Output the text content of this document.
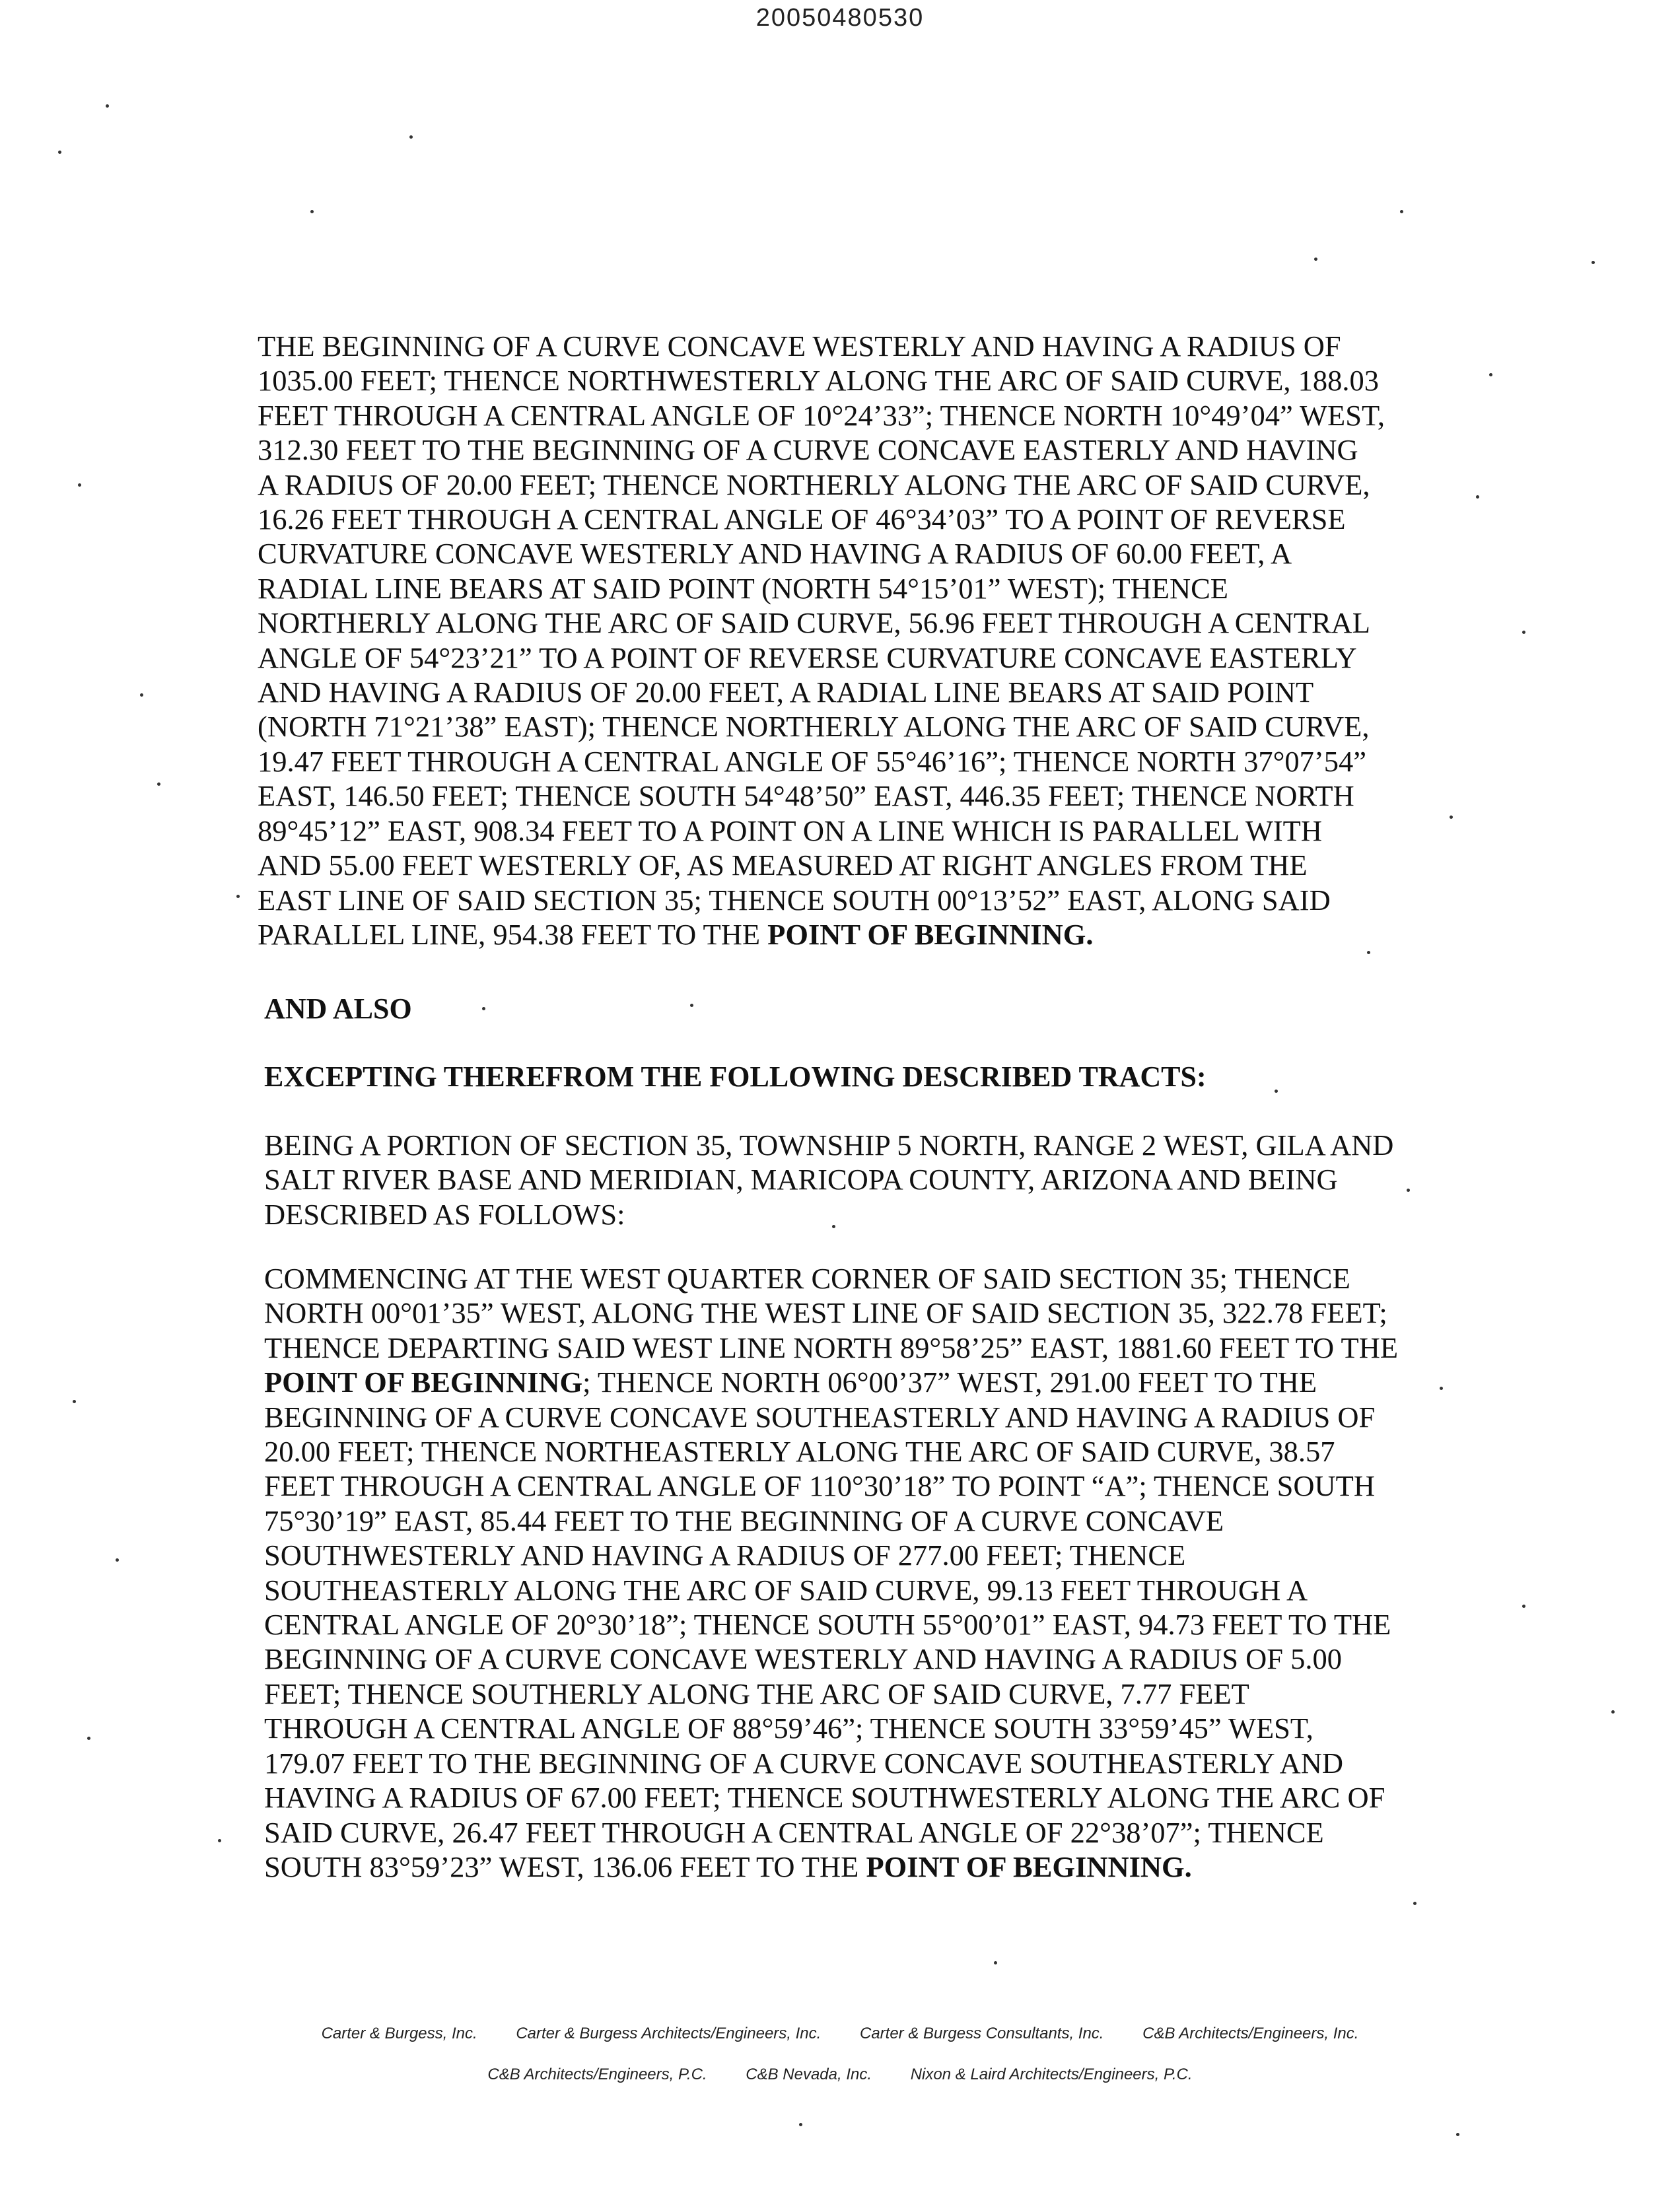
20050480530
THE BEGINNING OF A CURVE CONCAVE WESTERLY AND HAVING A RADIUS OF
1035.00 FEET; THENCE NORTHWESTERLY ALONG THE ARC OF SAID CURVE, 188.03
FEET THROUGH A CENTRAL ANGLE OF 10°24’33”; THENCE NORTH 10°49’04” WEST,
312.30 FEET TO THE BEGINNING OF A CURVE CONCAVE EASTERLY AND HAVING
A RADIUS OF 20.00 FEET; THENCE NORTHERLY ALONG THE ARC OF SAID CURVE,
16.26 FEET THROUGH A CENTRAL ANGLE OF 46°34’03” TO A POINT OF REVERSE
CURVATURE CONCAVE WESTERLY AND HAVING A RADIUS OF 60.00 FEET, A
RADIAL LINE BEARS AT SAID POINT (NORTH 54°15’01” WEST); THENCE
NORTHERLY ALONG THE ARC OF SAID CURVE, 56.96 FEET THROUGH A CENTRAL
ANGLE OF 54°23’21” TO A POINT OF REVERSE CURVATURE CONCAVE EASTERLY
AND HAVING A RADIUS OF 20.00 FEET, A RADIAL LINE BEARS AT SAID POINT
(NORTH 71°21’38” EAST); THENCE NORTHERLY ALONG THE ARC OF SAID CURVE,
19.47 FEET THROUGH A CENTRAL ANGLE OF 55°46’16”; THENCE NORTH 37°07’54”
EAST, 146.50 FEET; THENCE SOUTH 54°48’50” EAST, 446.35 FEET; THENCE NORTH
89°45’12” EAST, 908.34 FEET TO A POINT ON A LINE WHICH IS PARALLEL WITH
AND 55.00 FEET WESTERLY OF, AS MEASURED AT RIGHT ANGLES FROM THE
EAST LINE OF SAID SECTION 35; THENCE SOUTH 00°13’52” EAST, ALONG SAID
PARALLEL LINE, 954.38 FEET TO THE POINT OF BEGINNING.
AND ALSO
EXCEPTING THEREFROM THE FOLLOWING DESCRIBED TRACTS:
BEING A PORTION OF SECTION 35, TOWNSHIP 5 NORTH, RANGE 2 WEST, GILA AND
SALT RIVER BASE AND MERIDIAN, MARICOPA COUNTY, ARIZONA AND BEING
DESCRIBED AS FOLLOWS:
COMMENCING AT THE WEST QUARTER CORNER OF SAID SECTION 35; THENCE
NORTH 00°01’35” WEST, ALONG THE WEST LINE OF SAID SECTION 35, 322.78 FEET;
THENCE DEPARTING SAID WEST LINE NORTH 89°58’25” EAST, 1881.60 FEET TO THE
POINT OF BEGINNING; THENCE NORTH 06°00’37” WEST, 291.00 FEET TO THE
BEGINNING OF A CURVE CONCAVE SOUTHEASTERLY AND HAVING A RADIUS OF
20.00 FEET; THENCE NORTHEASTERLY ALONG THE ARC OF SAID CURVE, 38.57
FEET THROUGH A CENTRAL ANGLE OF 110°30’18” TO POINT “A”; THENCE SOUTH
75°30’19” EAST, 85.44 FEET TO THE BEGINNING OF A CURVE CONCAVE
SOUTHWESTERLY AND HAVING A RADIUS OF 277.00 FEET; THENCE
SOUTHEASTERLY ALONG THE ARC OF SAID CURVE, 99.13 FEET THROUGH A
CENTRAL ANGLE OF 20°30’18”; THENCE SOUTH 55°00’01” EAST, 94.73 FEET TO THE
BEGINNING OF A CURVE CONCAVE WESTERLY AND HAVING A RADIUS OF 5.00
FEET; THENCE SOUTHERLY ALONG THE ARC OF SAID CURVE, 7.77 FEET
THROUGH A CENTRAL ANGLE OF 88°59’46”; THENCE SOUTH 33°59’45” WEST,
179.07 FEET TO THE BEGINNING OF A CURVE CONCAVE SOUTHEASTERLY AND
HAVING A RADIUS OF 67.00 FEET; THENCE SOUTHWESTERLY ALONG THE ARC OF
SAID CURVE, 26.47 FEET THROUGH A CENTRAL ANGLE OF 22°38’07”; THENCE
SOUTH 83°59’23” WEST, 136.06 FEET TO THE POINT OF BEGINNING.
Carter & Burgess, Inc. Carter & Burgess Architects/Engineers, Inc. Carter & Burgess Consultants, Inc. C&B Architects/Engineers, Inc.
C&B Architects/Engineers, P.C. C&B Nevada, Inc. Nixon & Laird Architects/Engineers, P.C.
